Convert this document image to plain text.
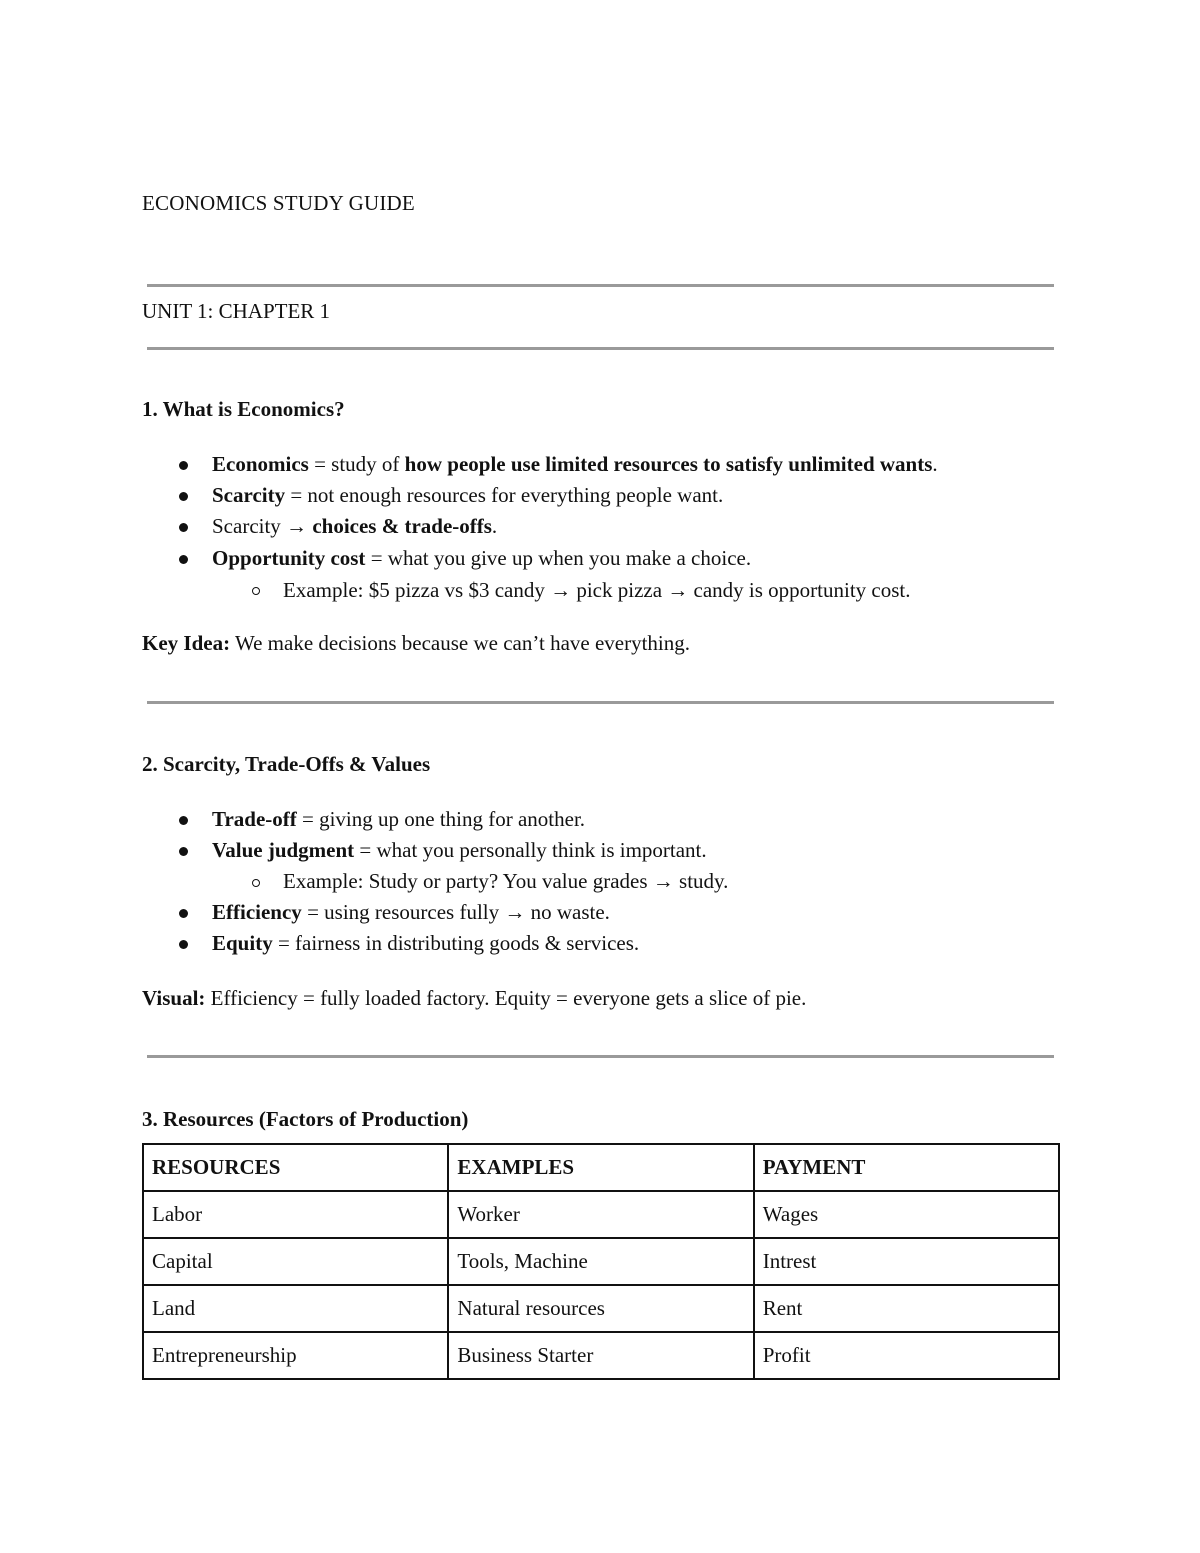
ECONOMICS STUDY GUIDE
UNIT 1: CHAPTER 1
1. What is Economics?
Economics = study of how people use limited resources to satisfy unlimited wants.
Scarcity = not enough resources for everything people want.
Scarcity → choices & trade-offs.
Opportunity cost = what you give up when you make a choice.
Example: $5 pizza vs $3 candy → pick pizza → candy is opportunity cost.
Key Idea: We make decisions because we can’t have everything.
2. Scarcity, Trade-Offs & Values
Trade-off = giving up one thing for another.
Value judgment = what you personally think is important.
Example: Study or party? You value grades → study.
Efficiency = using resources fully → no waste.
Equity = fairness in distributing goods & services.
Visual: Efficiency = fully loaded factory. Equity = everyone gets a slice of pie.
3. Resources (Factors of Production)
RESOURCES	EXAMPLES	PAYMENT
Labor	Worker	Wages
Capital	Tools, Machine	Intrest
Land	Natural resources	Rent
Entrepreneurship	Business Starter	Profit
